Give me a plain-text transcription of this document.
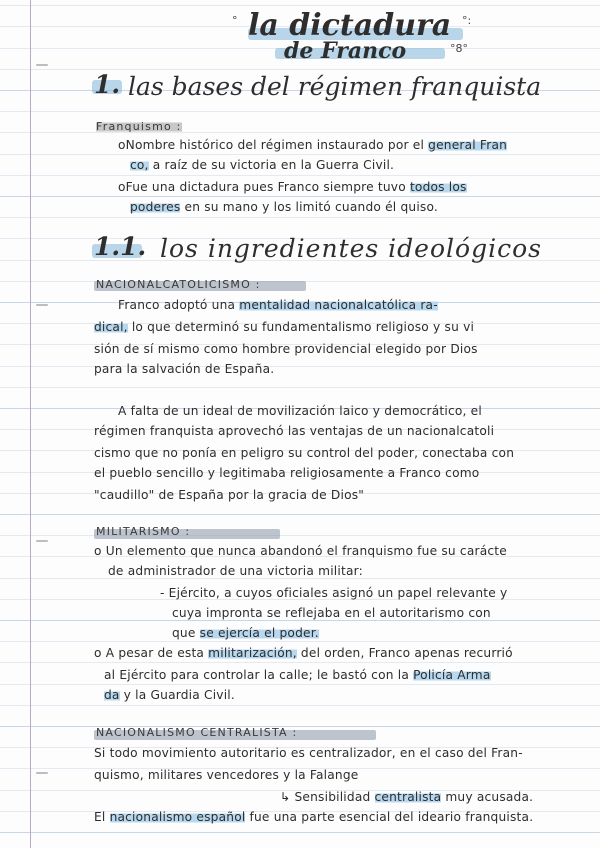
° la dictadura °:
de Franco	°8°
1. las bases del régimen franquista
Franquismo :
oNombre histórico del régimen instaurado por el general Fran
co, a raíz de su victoria en la Guerra Civil.
oFue una dictadura pues Franco siempre tuvo todos los
poderes en su mano y los limitó cuando él quiso.
1.1. los ingredientes ideológicos
NACIONALCATOLICISMO :
Franco adoptó una mentalidad nacionalcatólica ra-
dical, lo que determinó su fundamentalismo religioso y su vi
sión de sí mismo como hombre providencial elegido por Dios
para la salvación de España.
A falta de un ideal de movilización laico y democrático, el
régimen franquista aprovechó las ventajas de un nacionalcatoli
cismo que no ponía en peligro su control del poder, conectaba con
el pueblo sencillo y legitimaba religiosamente a Franco como
"caudillo" de España por la gracia de Dios"
MILITARISMO :
o Un elemento que nunca abandonó el franquismo fue su carácte
de administrador de una victoria militar:
- Ejército, a cuyos oficiales asignó un papel relevante y
cuya impronta se reflejaba en el autoritarismo con
que se ejercía el poder.
o A pesar de esta militarización, del orden, Franco apenas recurrió
al Ejército para controlar la calle; le bastó con la Policía Arma
da y la Guardia Civil.
NACIONALISMO CENTRALISTA :
Si todo movimiento autoritario es centralizador, en el caso del Fran-
quismo, militares vencedores y la Falange
↳ Sensibilidad centralista muy acusada.
El nacionalismo español fue una parte esencial del ideario franquista.
